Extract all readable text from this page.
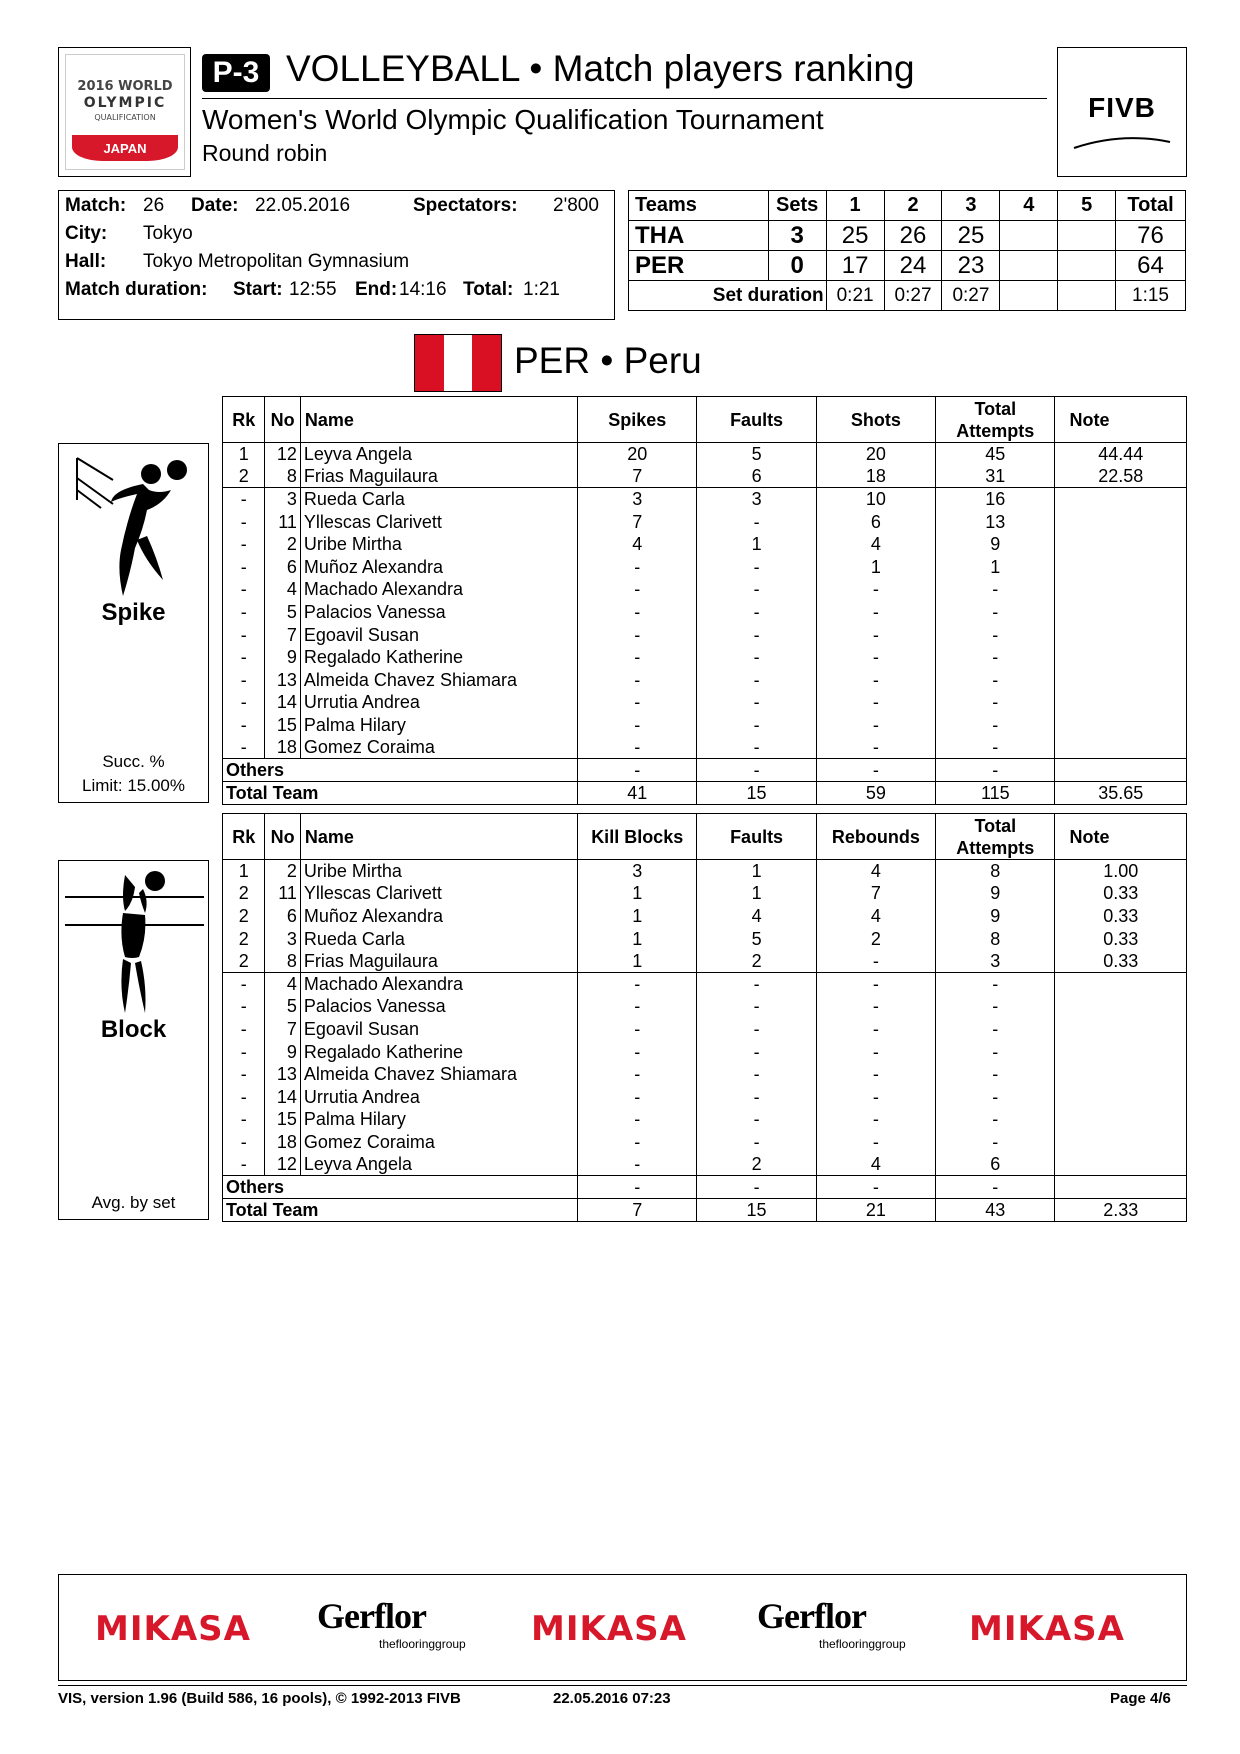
2016 WORLD
OLYMPIC
QUALIFICATION
JAPAN
P-3 VOLLEYBALL • Match players ranking
Women's World Olympic Qualification Tournament
Round robin
FIVB
Match: 26 Date: 22.05.2016	Spectators: 2'800
City: Tokyo
Hall: Tokyo Metropolitan Gymnasium
Match duration: Start: 12:55 End: 14:16 Total: 1:21
Teams	Sets	1	2	3	4	5	Total
THA	3	25	26	25			76
PER	0	17	24	23			64
Set duration		0:21	0:27	0:27			1:15
PER • Peru
Spike
Succ. %
Limit: 15.00%
Rk	No	Name	Spikes	Faults	Shots	Total Attempts	Note
1	12	Leyva Angela	20	5	20	45	44.44
2	8	Frias Maguilaura	7	6	18	31	22.58
-	3	Rueda Carla	3	3	10	16	
-	11	Yllescas Clarivett	7	-	6	13	
-	2	Uribe Mirtha	4	1	4	9	
-	6	Muñoz Alexandra	-	-	1	1	
-	4	Machado Alexandra	-	-	-	-	
-	5	Palacios Vanessa	-	-	-	-	
-	7	Egoavil Susan	-	-	-	-	
-	9	Regalado Katherine	-	-	-	-	
-	13	Almeida Chavez Shiamara	-	-	-	-	
-	14	Urrutia Andrea	-	-	-	-	
-	15	Palma Hilary	-	-	-	-	
-	18	Gomez Coraima	-	-	-	-	
Others			-	-	-	-	
Total Team			41	15	59	115	35.65
Block
Avg. by set
Rk	No	Name	Kill Blocks	Faults	Rebounds	Total Attempts	Note
1	2	Uribe Mirtha	3	1	4	8	1.00
2	11	Yllescas Clarivett	1	1	7	9	0.33
2	6	Muñoz Alexandra	1	4	4	9	0.33
2	3	Rueda Carla	1	5	2	8	0.33
2	8	Frias Maguilaura	1	2	-	3	0.33
-	4	Machado Alexandra	-	-	-	-	
-	5	Palacios Vanessa	-	-	-	-	
-	7	Egoavil Susan	-	-	-	-	
-	9	Regalado Katherine	-	-	-	-	
-	13	Almeida Chavez Shiamara	-	-	-	-	
-	14	Urrutia Andrea	-	-	-	-	
-	15	Palma Hilary	-	-	-	-	
-	18	Gomez Coraima	-	-	-	-	
-	12	Leyva Angela	-	2	4	6	
Others			-	-	-	-	
Total Team			7	15	21	43	2.33
MIKASA Gerflor
theflooringgroup MIKASA Gerflor
theflooringgroup MIKASA
VIS, version 1.96 (Build 586, 16 pools), © 1992-2013 FIVB	22.05.2016 07:23	Page 4/6
